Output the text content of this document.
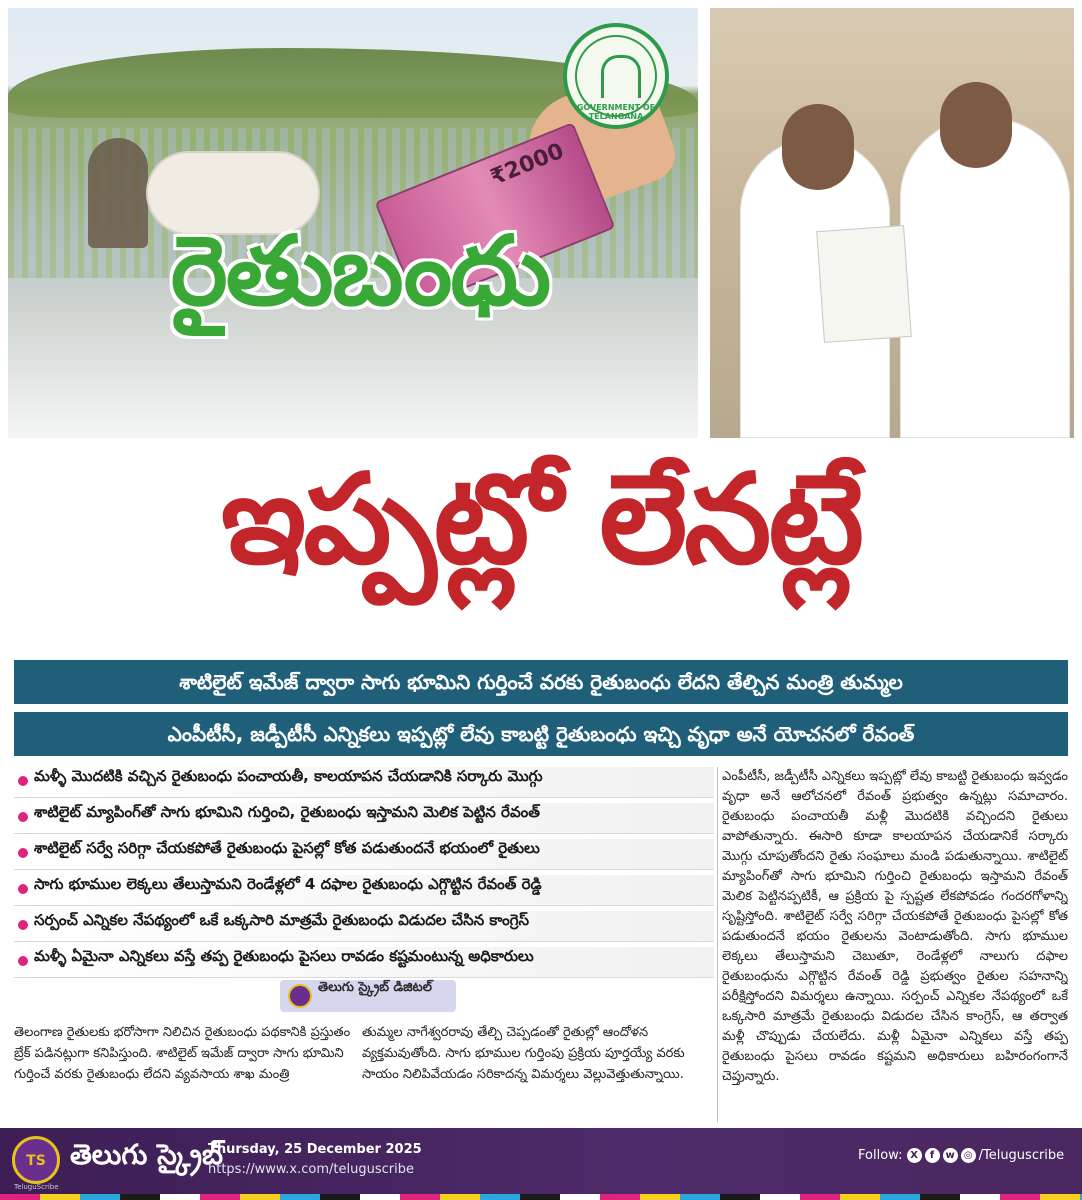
₹2000
GOVERNMENT OF TELANGANA
రైతుబంధు
ఇప్పట్లో లేనట్లే
శాటిలైట్ ఇమేజ్ ద్వారా సాగు భూమిని గుర్తించే వరకు రైతుబంధు లేదని తేల్చిన మంత్రి తుమ్మల
ఎంపీటీసీ, జడ్పీటీసీ ఎన్నికలు ఇప్పట్లో లేవు కాబట్టి రైతుబంధు ఇచ్చి వృధా అనే యోచనలో రేవంత్
మళ్ళీ మొదటికి వచ్చిన రైతుబంధు పంచాయతీ, కాలయాపన చేయడానికి సర్కారు మొగ్గు
శాటిలైట్ మ్యాపింగ్‌తో సాగు భూమిని గుర్తించి, రైతుబంధు ఇస్తామని మెలిక పెట్టిన రేవంత్
శాటిలైట్ సర్వే సరిగ్గా చేయకపోతే రైతుబంధు పైసల్లో కోత పడుతుందనే భయంలో రైతులు
సాగు భూముల లెక్కలు తేలుస్తామని రెండేళ్లలో 4 దఫాల రైతుబంధు ఎగ్గొట్టిన రేవంత్ రెడ్డి
సర్పంచ్ ఎన్నికల నేపథ్యంలో ఒకే ఒక్కసారి మాత్రమే రైతుబంధు విడుదల చేసిన కాంగ్రెస్
మళ్ళీ ఏమైనా ఎన్నికలు వస్తే తప్ప రైతుబంధు పైసలు రావడం కష్టమంటున్న అధికారులు
తెలుగు స్క్రైబ్ డిజిటల్
తెలంగాణ రైతులకు భరోసాగా నిలిచిన రైతుబంధు పథకానికి ప్రస్తుతం బ్రేక్ పడినట్లుగా కనిపిస్తుంది. శాటిలైట్ ఇమేజ్ ద్వారా సాగు భూమిని గుర్తించే వరకు రైతుబంధు లేదని వ్యవసాయ శాఖ మంత్రి
తుమ్మల నాగేశ్వరరావు తేల్చి చెప్పడంతో రైతుల్లో ఆందోళన వ్యక్తమవుతోంది. సాగు భూముల గుర్తింపు ప్రక్రియ పూర్తయ్యే వరకు సాయం నిలిపివేయడం సరికాదన్న విమర్శలు వెల్లువెత్తుతున్నాయి.
ఎంపీటీసీ, జడ్పీటీసీ ఎన్నికలు ఇప్పట్లో లేవు కాబట్టి రైతుబంధు ఇవ్వడం వృధా అనే ఆలోచనలో రేవంత్ ప్రభుత్వం ఉన్నట్లు సమాచారం. రైతుబంధు పంచాయతీ మళ్లీ మొదటికి వచ్చిందని రైతులు వాపోతున్నారు. ఈసారి కూడా కాలయాపన చేయడానికే సర్కారు మొగ్గు చూపుతోందని రైతు సంఘాలు మండి పడుతున్నాయి. శాటిలైట్ మ్యాపింగ్‌తో సాగు భూమిని గుర్తించి రైతుబంధు ఇస్తామని రేవంత్ మెలిక పెట్టినప్పటికీ, ఆ ప్రక్రియ పై స్పష్టత లేకపోవడం గందరగోళాన్ని సృష్టిస్తోంది. శాటిలైట్ సర్వే సరిగ్గా చేయకపోతే రైతుబంధు పైసల్లో కోత పడుతుందనే భయం రైతులను వెంటాడుతోంది. సాగు భూముల లెక్కలు తేలుస్తామని చెబుతూ, రెండేళ్లలో నాలుగు దఫాల రైతుబంధును ఎగ్గొట్టిన రేవంత్ రెడ్డి ప్రభుత్వం రైతుల సహనాన్ని పరీక్షిస్తోందని విమర్శలు ఉన్నాయి. సర్పంచ్ ఎన్నికల నేపథ్యంలో ఒకే ఒక్కసారి మాత్రమే రైతుబంధు విడుదల చేసిన కాంగ్రెస్, ఆ తర్వాత మళ్లీ చొప్పుడు చేయలేదు. మళ్లీ ఏమైనా ఎన్నికలు వస్తే తప్ప రైతుబంధు పైసలు రావడం కష్టమని అధికారులు బహిరంగంగానే చెప్తున్నారు.
TS
TeluguScribe
తెలుగు స్క్రైబ్
Thursday, 25 December 2025
https://www.x.com/teluguscribe
Follow: X f w ◎ /Teluguscribe
